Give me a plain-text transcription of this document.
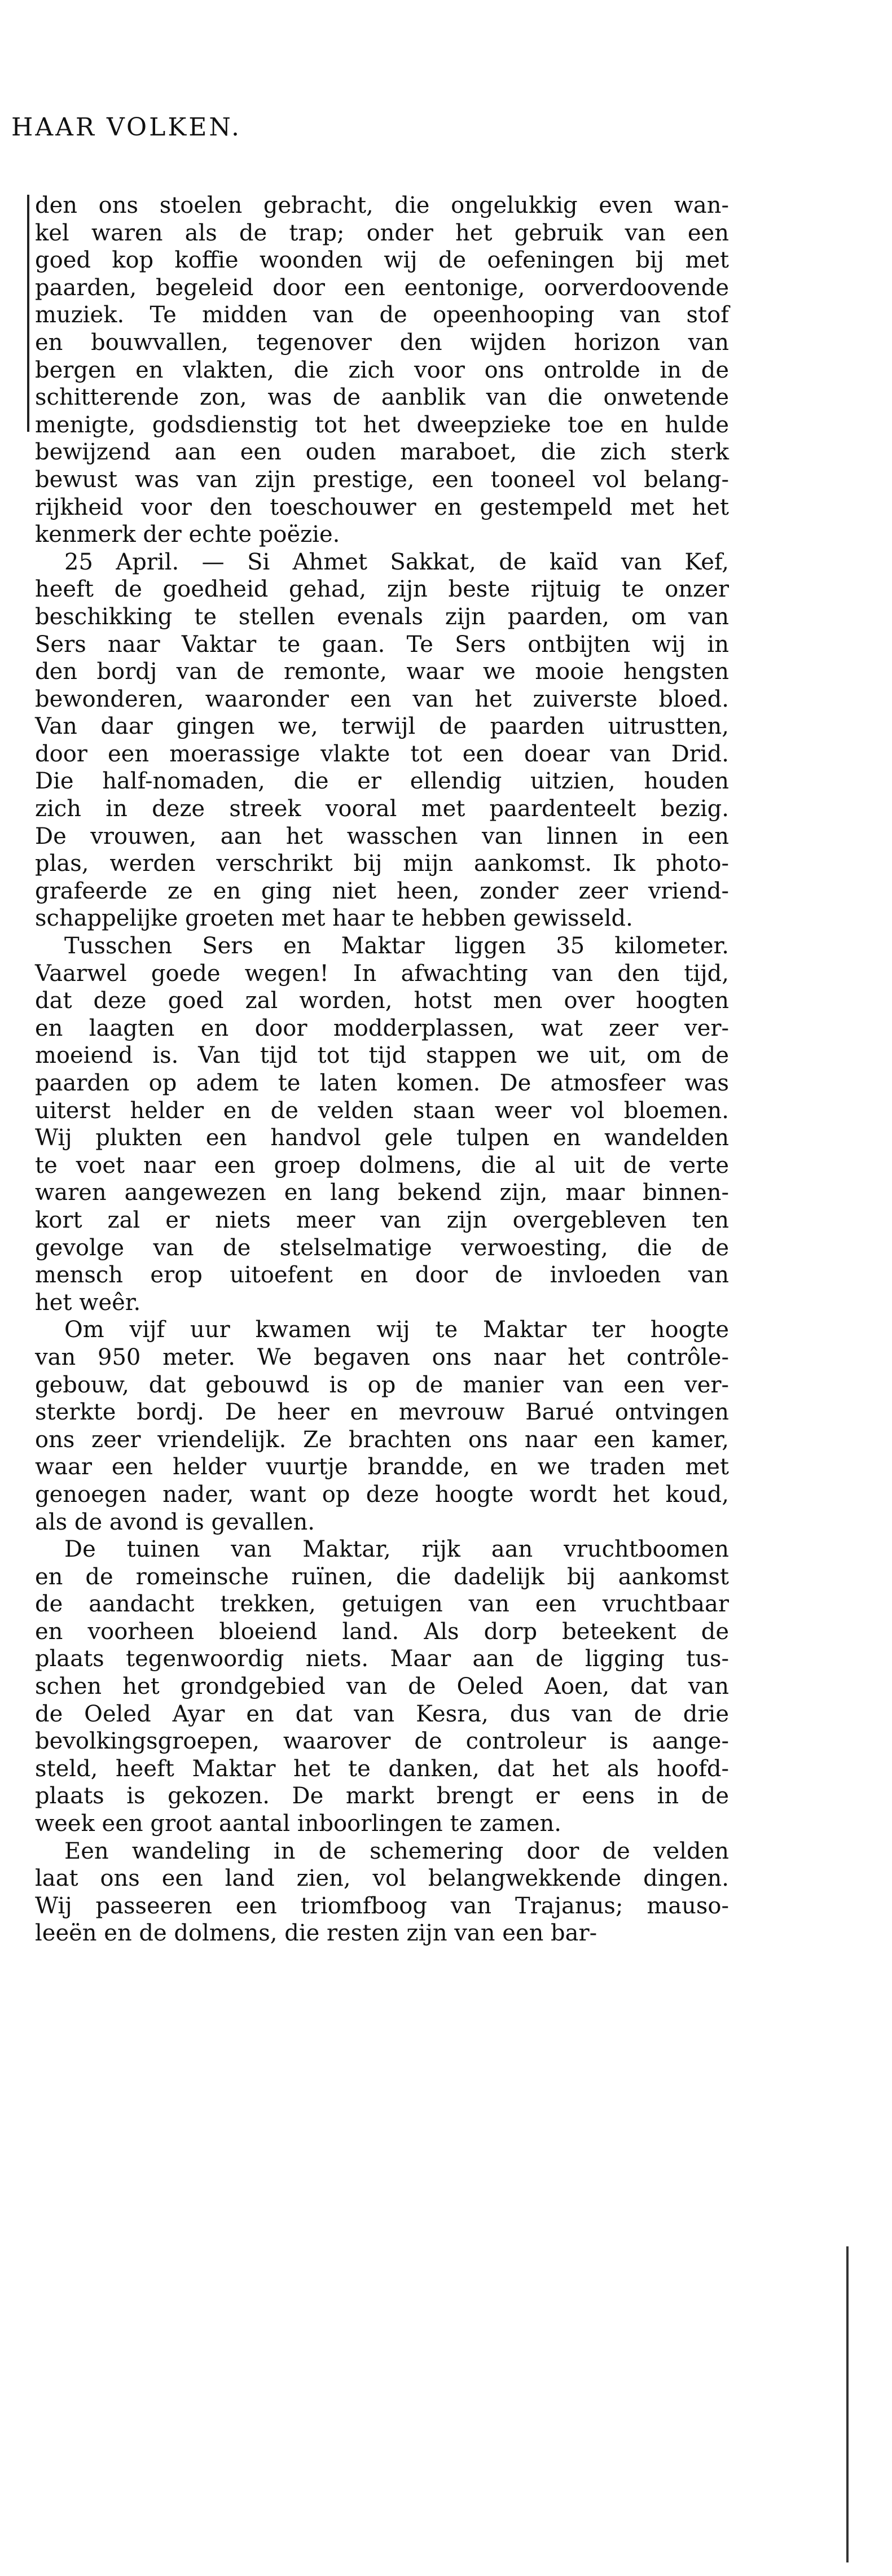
HAAR VOLKEN.
den ons stoelen gebracht, die ongelukkig even wan-
kel waren als de trap; onder het gebruik van een
goed kop koffie woonden wij de oefeningen bij met
paarden, begeleid door een eentonige, oorverdoovende
muziek. Te midden van de opeenhooping van stof
en bouwvallen, tegenover den wijden horizon van
bergen en vlakten, die zich voor ons ontrolde in de
schitterende zon, was de aanblik van die onwetende
menigte, godsdienstig tot het dweepzieke toe en hulde
bewijzend aan een ouden maraboet, die zich sterk
bewust was van zijn prestige, een tooneel vol belang-
rijkheid voor den toeschouwer en gestempeld met het
kenmerk der echte poëzie.
25 April. — Si Ahmet Sakkat, de kaïd van Kef,
heeft de goedheid gehad, zijn beste rijtuig te onzer
beschikking te stellen evenals zijn paarden, om van
Sers naar Vaktar te gaan. Te Sers ontbijten wij in
den bordj van de remonte, waar we mooie hengsten
bewonderen, waaronder een van het zuiverste bloed.
Van daar gingen we, terwijl de paarden uitrustten,
door een moerassige vlakte tot een doear van Drid.
Die half-nomaden, die er ellendig uitzien, houden
zich in deze streek vooral met paardenteelt bezig.
De vrouwen, aan het wasschen van linnen in een
plas, werden verschrikt bij mijn aankomst. Ik photo-
grafeerde ze en ging niet heen, zonder zeer vriend-
schappelijke groeten met haar te hebben gewisseld.
Tusschen Sers en Maktar liggen 35 kilometer.
Vaarwel goede wegen! In afwachting van den tijd,
dat deze goed zal worden, hotst men over hoogten
en laagten en door modderplassen, wat zeer ver-
moeiend is. Van tijd tot tijd stappen we uit, om de
paarden op adem te laten komen. De atmosfeer was
uiterst helder en de velden staan weer vol bloemen.
Wij plukten een handvol gele tulpen en wandelden
te voet naar een groep dolmens, die al uit de verte
waren aangewezen en lang bekend zijn, maar binnen-
kort zal er niets meer van zijn overgebleven ten
gevolge van de stelselmatige verwoesting, die de
mensch erop uitoefent en door de invloeden van
het weêr.
Om vijf uur kwamen wij te Maktar ter hoogte
van 950 meter. We begaven ons naar het contrôle-
gebouw, dat gebouwd is op de manier van een ver-
sterkte bordj. De heer en mevrouw Barué ontvingen
ons zeer vriendelijk. Ze brachten ons naar een kamer,
waar een helder vuurtje brandde, en we traden met
genoegen nader, want op deze hoogte wordt het koud,
als de avond is gevallen.
De tuinen van Maktar, rijk aan vruchtboomen
en de romeinsche ruïnen, die dadelijk bij aankomst
de aandacht trekken, getuigen van een vruchtbaar
en voorheen bloeiend land. Als dorp beteekent de
plaats tegenwoordig niets. Maar aan de ligging tus-
schen het grondgebied van de Oeled Aoen, dat van
de Oeled Ayar en dat van Kesra, dus van de drie
bevolkingsgroepen, waarover de controleur is aange-
steld, heeft Maktar het te danken, dat het als hoofd-
plaats is gekozen. De markt brengt er eens in de
week een groot aantal inboorlingen te zamen.
Een wandeling in de schemering door de velden
laat ons een land zien, vol belangwekkende dingen.
Wij passeeren een triomfboog van Trajanus; mauso-
leeën en de dolmens, die resten zijn van een bar-
